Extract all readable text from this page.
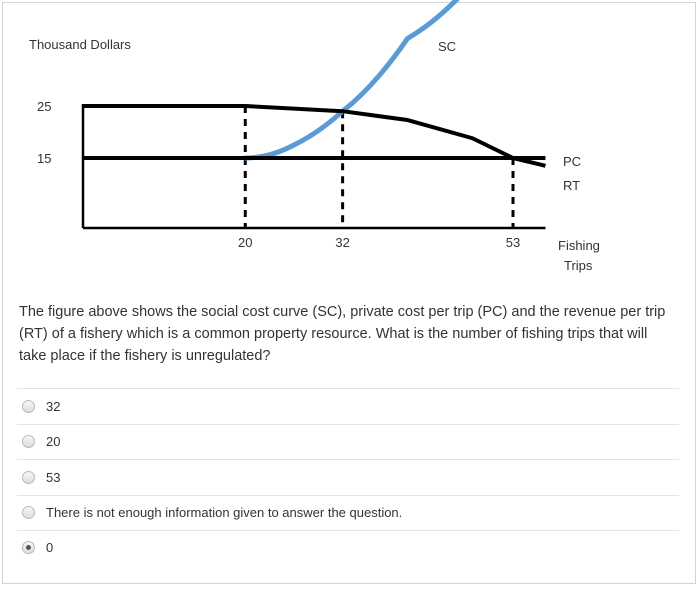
Thousand Dollars
25
15
20	32	53
SC
PC
RT
Fishing
Trips

The figure above shows the social cost curve (SC), private cost per trip (PC) and the revenue per trip (RT) of a fishery which is a common property resource. What is the number of fishing trips that will take place if the fishery is unregulated?

32
20
53
There is not enough information given to answer the question.
0
